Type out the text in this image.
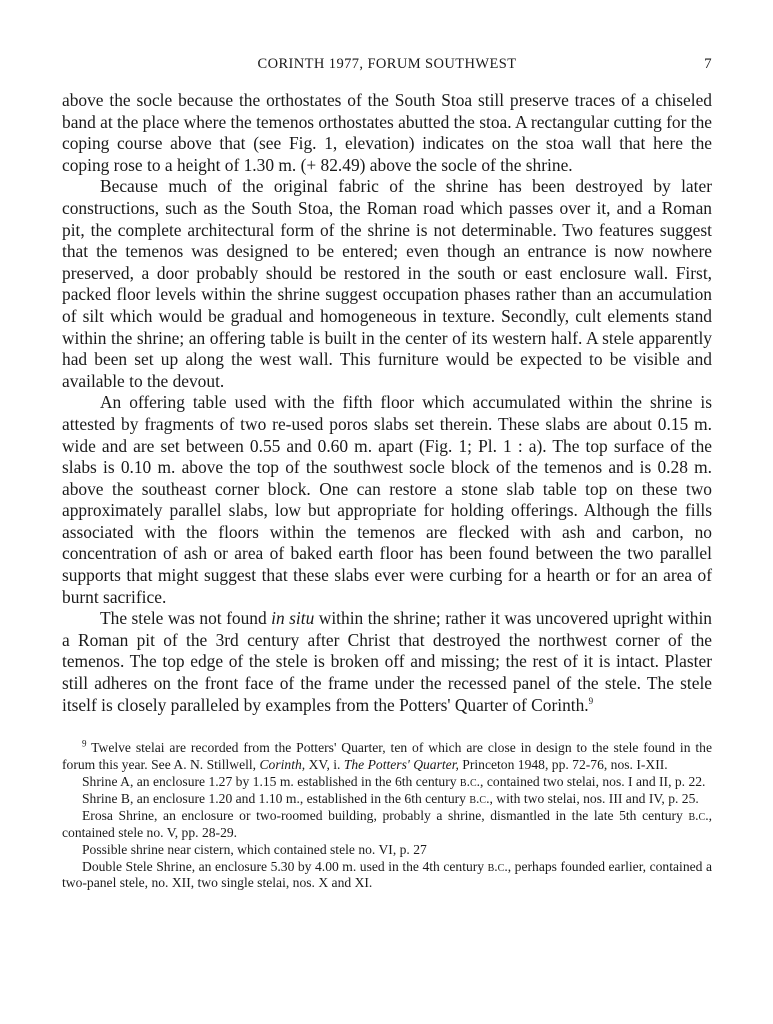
CORINTH 1977, FORUM SOUTHWEST	7

above the socle because the orthostates of the South Stoa still preserve traces of a chiseled band at the place where the temenos orthostates abutted the stoa. A rectangular cutting for the coping course above that (see Fig. 1, elevation) indicates on the stoa wall that here the coping rose to a height of 1.30 m. (+ 82.49) above the socle of the shrine.

Because much of the original fabric of the shrine has been destroyed by later constructions, such as the South Stoa, the Roman road which passes over it, and a Roman pit, the complete architectural form of the shrine is not determinable. Two features suggest that the temenos was designed to be entered; even though an entrance is now nowhere preserved, a door probably should be restored in the south or east enclosure wall. First, packed floor levels within the shrine suggest occupation phases rather than an accumulation of silt which would be gradual and homogeneous in texture. Secondly, cult elements stand within the shrine; an offering table is built in the center of its western half. A stele apparently had been set up along the west wall. This furniture would be expected to be visible and available to the devout.

An offering table used with the fifth floor which accumulated within the shrine is attested by fragments of two re-used poros slabs set therein. These slabs are about 0.15 m. wide and are set between 0.55 and 0.60 m. apart (Fig. 1; Pl. 1 : a). The top surface of the slabs is 0.10 m. above the top of the southwest socle block of the temenos and is 0.28 m. above the southeast corner block. One can restore a stone slab table top on these two approximately parallel slabs, low but appropriate for holding offerings. Although the fills associated with the floors within the temenos are flecked with ash and carbon, no concentration of ash or area of baked earth floor has been found between the two parallel supports that might suggest that these slabs ever were curbing for a hearth or for an area of burnt sacrifice.

The stele was not found in situ within the shrine; rather it was uncovered upright within a Roman pit of the 3rd century after Christ that destroyed the northwest corner of the temenos. The top edge of the stele is broken off and missing; the rest of it is intact. Plaster still adheres on the front face of the frame under the recessed panel of the stele. The stele itself is closely paralleled by examples from the Potters' Quarter of Corinth.$^9$

$^9$ Twelve stelai are recorded from the Potters' Quarter, ten of which are close in design to the stele found in the forum this year. See A. N. Stillwell, Corinth, XV, i. The Potters' Quarter, Princeton 1948, pp. 72-76, nos. I-XII.

Shrine A, an enclosure 1.27 by 1.15 m. established in the 6th century b.c., contained two stelai, nos. I and II, p. 22.

Shrine B, an enclosure 1.20 and 1.10 m., established in the 6th century b.c., with two stelai, nos. III and IV, p. 25.

Erosa Shrine, an enclosure or two-roomed building, probably a shrine, dismantled in the late 5th century b.c., contained stele no. V, pp. 28-29.

Possible shrine near cistern, which contained stele no. VI, p. 27

Double Stele Shrine, an enclosure 5.30 by 4.00 m. used in the 4th century b.c., perhaps founded earlier, contained a two-panel stele, no. XII, two single stelai, nos. X and XI.
